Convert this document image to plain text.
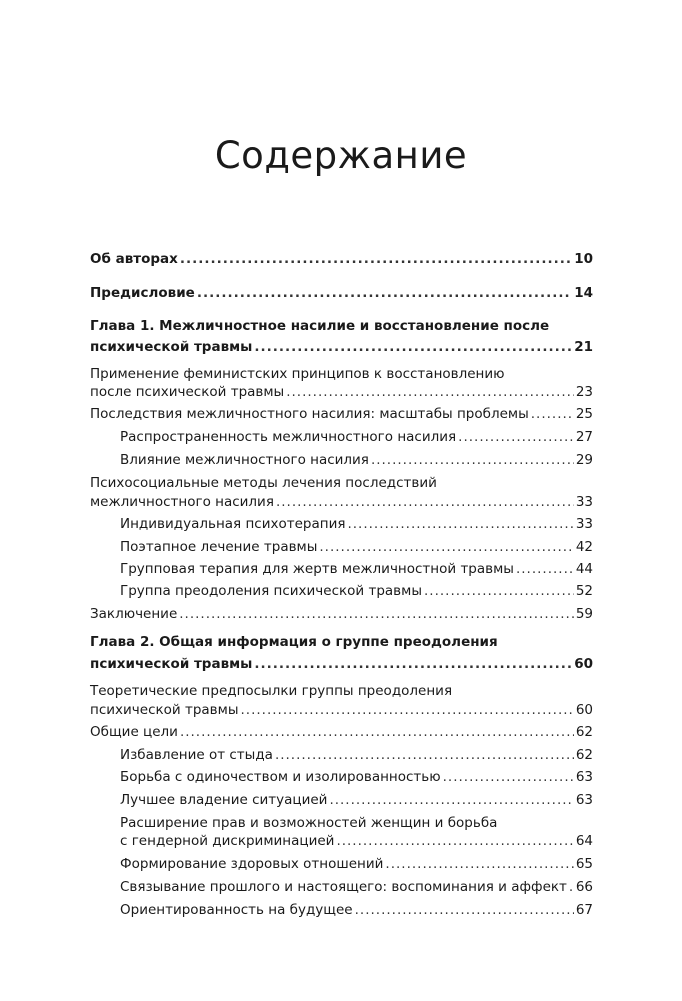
Содержание
Об авторах .....	10
Предисловие .....	14
Глава 1. Межличностное насилие и восстановление после
психической травмы .....	21
Применение феминистских принципов к восстановлению
после психической травмы .....	23
Последствия межличностного насилия: масштабы проблемы .....	25
Распространенность межличностного насилия .....	27
Влияние межличностного насилия .....	29
Психосоциальные методы лечения последствий
межличностного насилия .....	33
Индивидуальная психотерапия .....	33
Поэтапное лечение травмы .....	42
Групповая терапия для жертв межличностной травмы .....	44
Группа преодоления психической травмы .....	52
Заключение .....	59
Глава 2. Общая информация о группе преодоления
психической травмы .....	60
Теоретические предпосылки группы преодоления
психической травмы .....	60
Общие цели .....	62
Избавление от стыда .....	62
Борьба с одиночеством и изолированностью .....	63
Лучшее владение ситуацией .....	63
Расширение прав и возможностей женщин и борьба
с гендерной дискриминацией .....	64
Формирование здоровых отношений .....	65
Связывание прошлого и настоящего: воспоминания и аффект ..... 66
Ориентированность на будущее .....	67
